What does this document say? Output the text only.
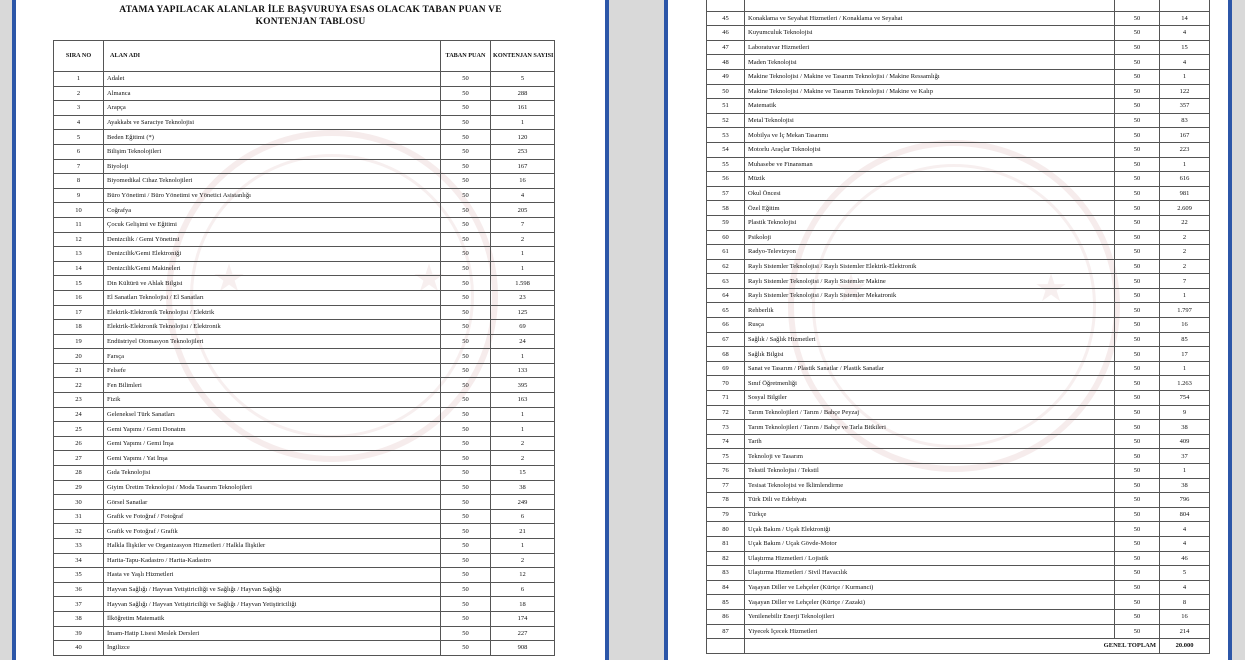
★	★
ATAMA YAPILACAK ALANLAR İLE BAŞVURUYA ESAS OLACAK TABAN PUAN VE
KONTENJAN TABLOSU
SIRA NO	ALAN ADI	TABAN PUAN	KONTENJAN SAYISI
1	Adalet	50	5
2	Almanca	50	288
3	Arapça	50	161
4	Ayakkabı ve Saraciye Teknolojisi	50	1
5	Beden Eğitimi (*)	50	120
6	Bilişim Teknolojileri	50	253
7	Biyoloji	50	167
8	Biyomedikal Cihaz Teknolojileri	50	16
9	Büro Yönetimi / Büro Yönetimi ve Yönetici Asistanlığı	50	4
10	Coğrafya	50	205
11	Çocuk Gelişimi ve Eğitimi	50	7
12	Denizcilik / Gemi Yönetimi	50	2
13	Denizcilik/Gemi Elektroniği	50	1
14	Denizcilik/Gemi Makineleri	50	1
15	Din Kültürü ve Ahlak Bilgisi	50	1.598
16	El Sanatları Teknolojisi / El Sanatları	50	23
17	Elektrik-Elektronik Teknolojisi / Elektrik	50	125
18	Elektrik-Elektronik Teknolojisi / Elektronik	50	69
19	Endüstriyel Otomasyon Teknolojileri	50	24
20	Farsça	50	1
21	Felsefe	50	133
22	Fen Bilimleri	50	395
23	Fizik	50	163
24	Geleneksel Türk Sanatları	50	1
25	Gemi Yapımı / Gemi Donatım	50	1
26	Gemi Yapımı / Gemi İnşa	50	2
27	Gemi Yapımı / Yat İnşa	50	2
28	Gıda Teknolojisi	50	15
29	Giyim Üretim Teknolojisi / Moda Tasarım Teknolojileri	50	38
30	Görsel Sanatlar	50	249
31	Grafik ve Fotoğraf / Fotoğraf	50	6
32	Grafik ve Fotoğraf / Grafik	50	21
33	Halkla İlişkiler ve Organizasyon Hizmetleri / Halkla İlişkiler	50	1
34	Harita-Tapu-Kadastro / Harita-Kadastro	50	2
35	Hasta ve Yaşlı Hizmetleri	50	12
36	Hayvan Sağlığı / Hayvan Yetiştiriciliği ve Sağlığı / Hayvan Sağlığı	50	6
37	Hayvan Sağlığı / Hayvan Yetiştiriciliği ve Sağlığı / Hayvan Yetiştiriciliği	50	18
38	İlköğretim Matematik	50	174
39	İmam-Hatip Lisesi Meslek Dersleri	50	227
40	İngilizce	50	908
★	★

45	Konaklama ve Seyahat Hizmetleri / Konaklama ve Seyahat	50	14
46	Kuyumculuk Teknolojisi	50	4
47	Laboratuvar Hizmetleri	50	15
48	Maden Teknolojisi	50	4
49	Makine Teknolojisi / Makine ve Tasarım Teknolojisi / Makine Ressamlığı	50	1
50	Makine Teknolojisi / Makine ve Tasarım Teknolojisi / Makine ve Kalıp	50	122
51	Matematik	50	357
52	Metal Teknolojisi	50	83
53	Mobilya ve İç Mekan Tasarımı	50	167
54	Motorlu Araçlar Teknolojisi	50	223
55	Muhasebe ve Finansman	50	1
56	Müzik	50	616
57	Okul Öncesi	50	981
58	Özel Eğitim	50	2.609
59	Plastik Teknolojisi	50	22
60	Psikoloji	50	2
61	Radyo-Televizyon	50	2
62	Raylı Sistemler Teknolojisi / Raylı Sistemler Elektrik-Elektronik	50	2
63	Raylı Sistemler Teknolojisi / Raylı Sistemler Makine	50	7
64	Raylı Sistemler Teknolojisi / Raylı Sistemler Mekatronik	50	1
65	Rehberlik	50	1.797
66	Rusça	50	16
67	Sağlık / Sağlık Hizmetleri	50	85
68	Sağlık Bilgisi	50	17
69	Sanat ve Tasarım / Plastik Sanatlar / Plastik Sanatlar	50	1
70	Sınıf Öğretmenliği	50	1.263
71	Sosyal Bilgiler	50	754
72	Tarım Teknolojileri / Tarım / Bahçe Peyzaj	50	9
73	Tarım Teknolojileri / Tarım / Bahçe ve Tarla Bitkileri	50	38
74	Tarih	50	409
75	Teknoloji ve Tasarım	50	37
76	Tekstil Teknolojisi / Tekstil	50	1
77	Tesisat Teknolojisi ve İklimlendirme	50	38
78	Türk Dili ve Edebiyatı	50	796
79	Türkçe	50	804
80	Uçak Bakım / Uçak Elektroniği	50	4
81	Uçak Bakım / Uçak Gövde-Motor	50	4
82	Ulaştırma Hizmetleri / Lojistik	50	46
83	Ulaştırma Hizmetleri / Sivil Havacılık	50	5
84	Yaşayan Diller ve Lehçeler (Kürtçe / Kurmanci)	50	4
85	Yaşayan Diller ve Lehçeler (Kürtçe / Zazaki)	50	8
86	Yenilenebilir Enerji Teknolojileri	50	16
87	Yiyecek İçecek Hizmetleri	50	214
	GENEL TOPLAM		20.000
